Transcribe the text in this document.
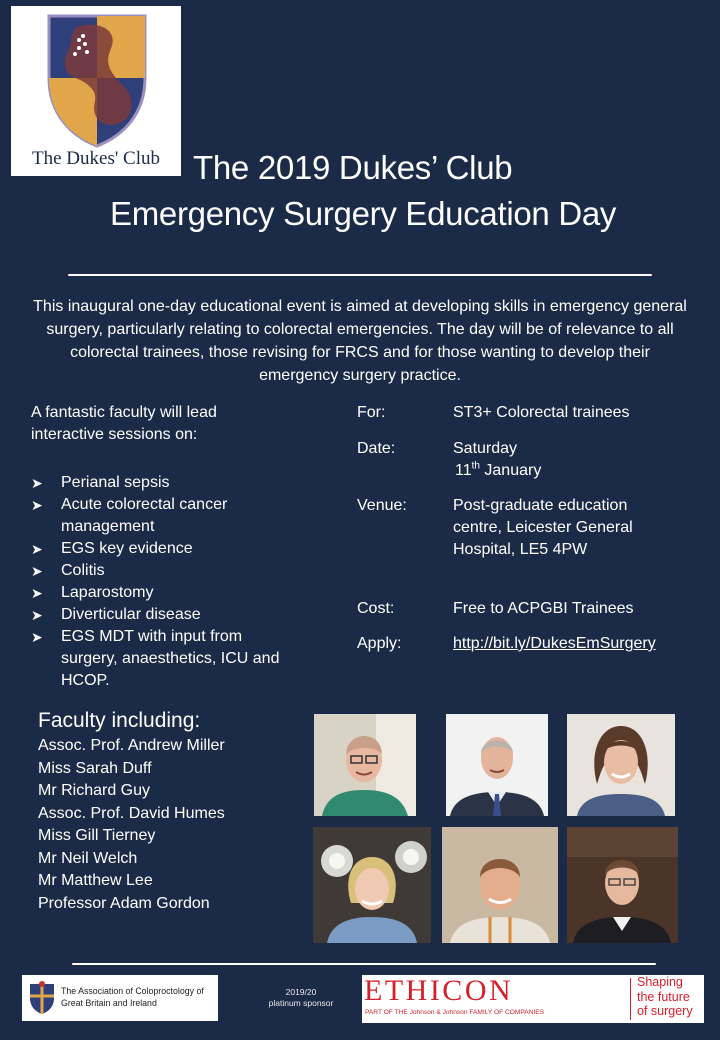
The Dukes' Club	The 2019 Dukes’ Club
Emergency Surgery Education Day
This inaugural one-day educational event is aimed at developing skills in emergency general surgery, particularly relating to colorectal emergencies. The day will be of relevance to all colorectal trainees, those revising for FRCS and for those wanting to develop their emergency surgery practice.
A fantastic faculty will lead interactive sessions on:
➤ Perianal sepsis
➤ Acute colorectal cancer management
➤ EGS key evidence
➤ Colitis
➤ Laparostomy
➤ Diverticular disease
➤ EGS MDT with input from surgery, anaesthetics, ICU and HCOP.
For:	ST3+ Colorectal trainees
Date:	Saturday
11th January
Venue:	Post-graduate education centre, Leicester General Hospital, LE5 4PW
Cost:	Free to ACPGBI Trainees
Apply:	http://bit.ly/DukesEmSurgery
Faculty including:
Assoc. Prof. Andrew Miller
Miss Sarah Duff
Mr Richard Guy
Assoc. Prof. David Humes
Miss Gill Tierney
Mr Neil Welch
Mr Matthew Lee
Professor Adam Gordon
The Association of Coloproctology of Great Britain and Ireland
2019/20
platinum sponsor	ETHICON
PART OF THE Johnson & Johnson FAMILY OF COMPANIES
Shaping
the future
of surgery
